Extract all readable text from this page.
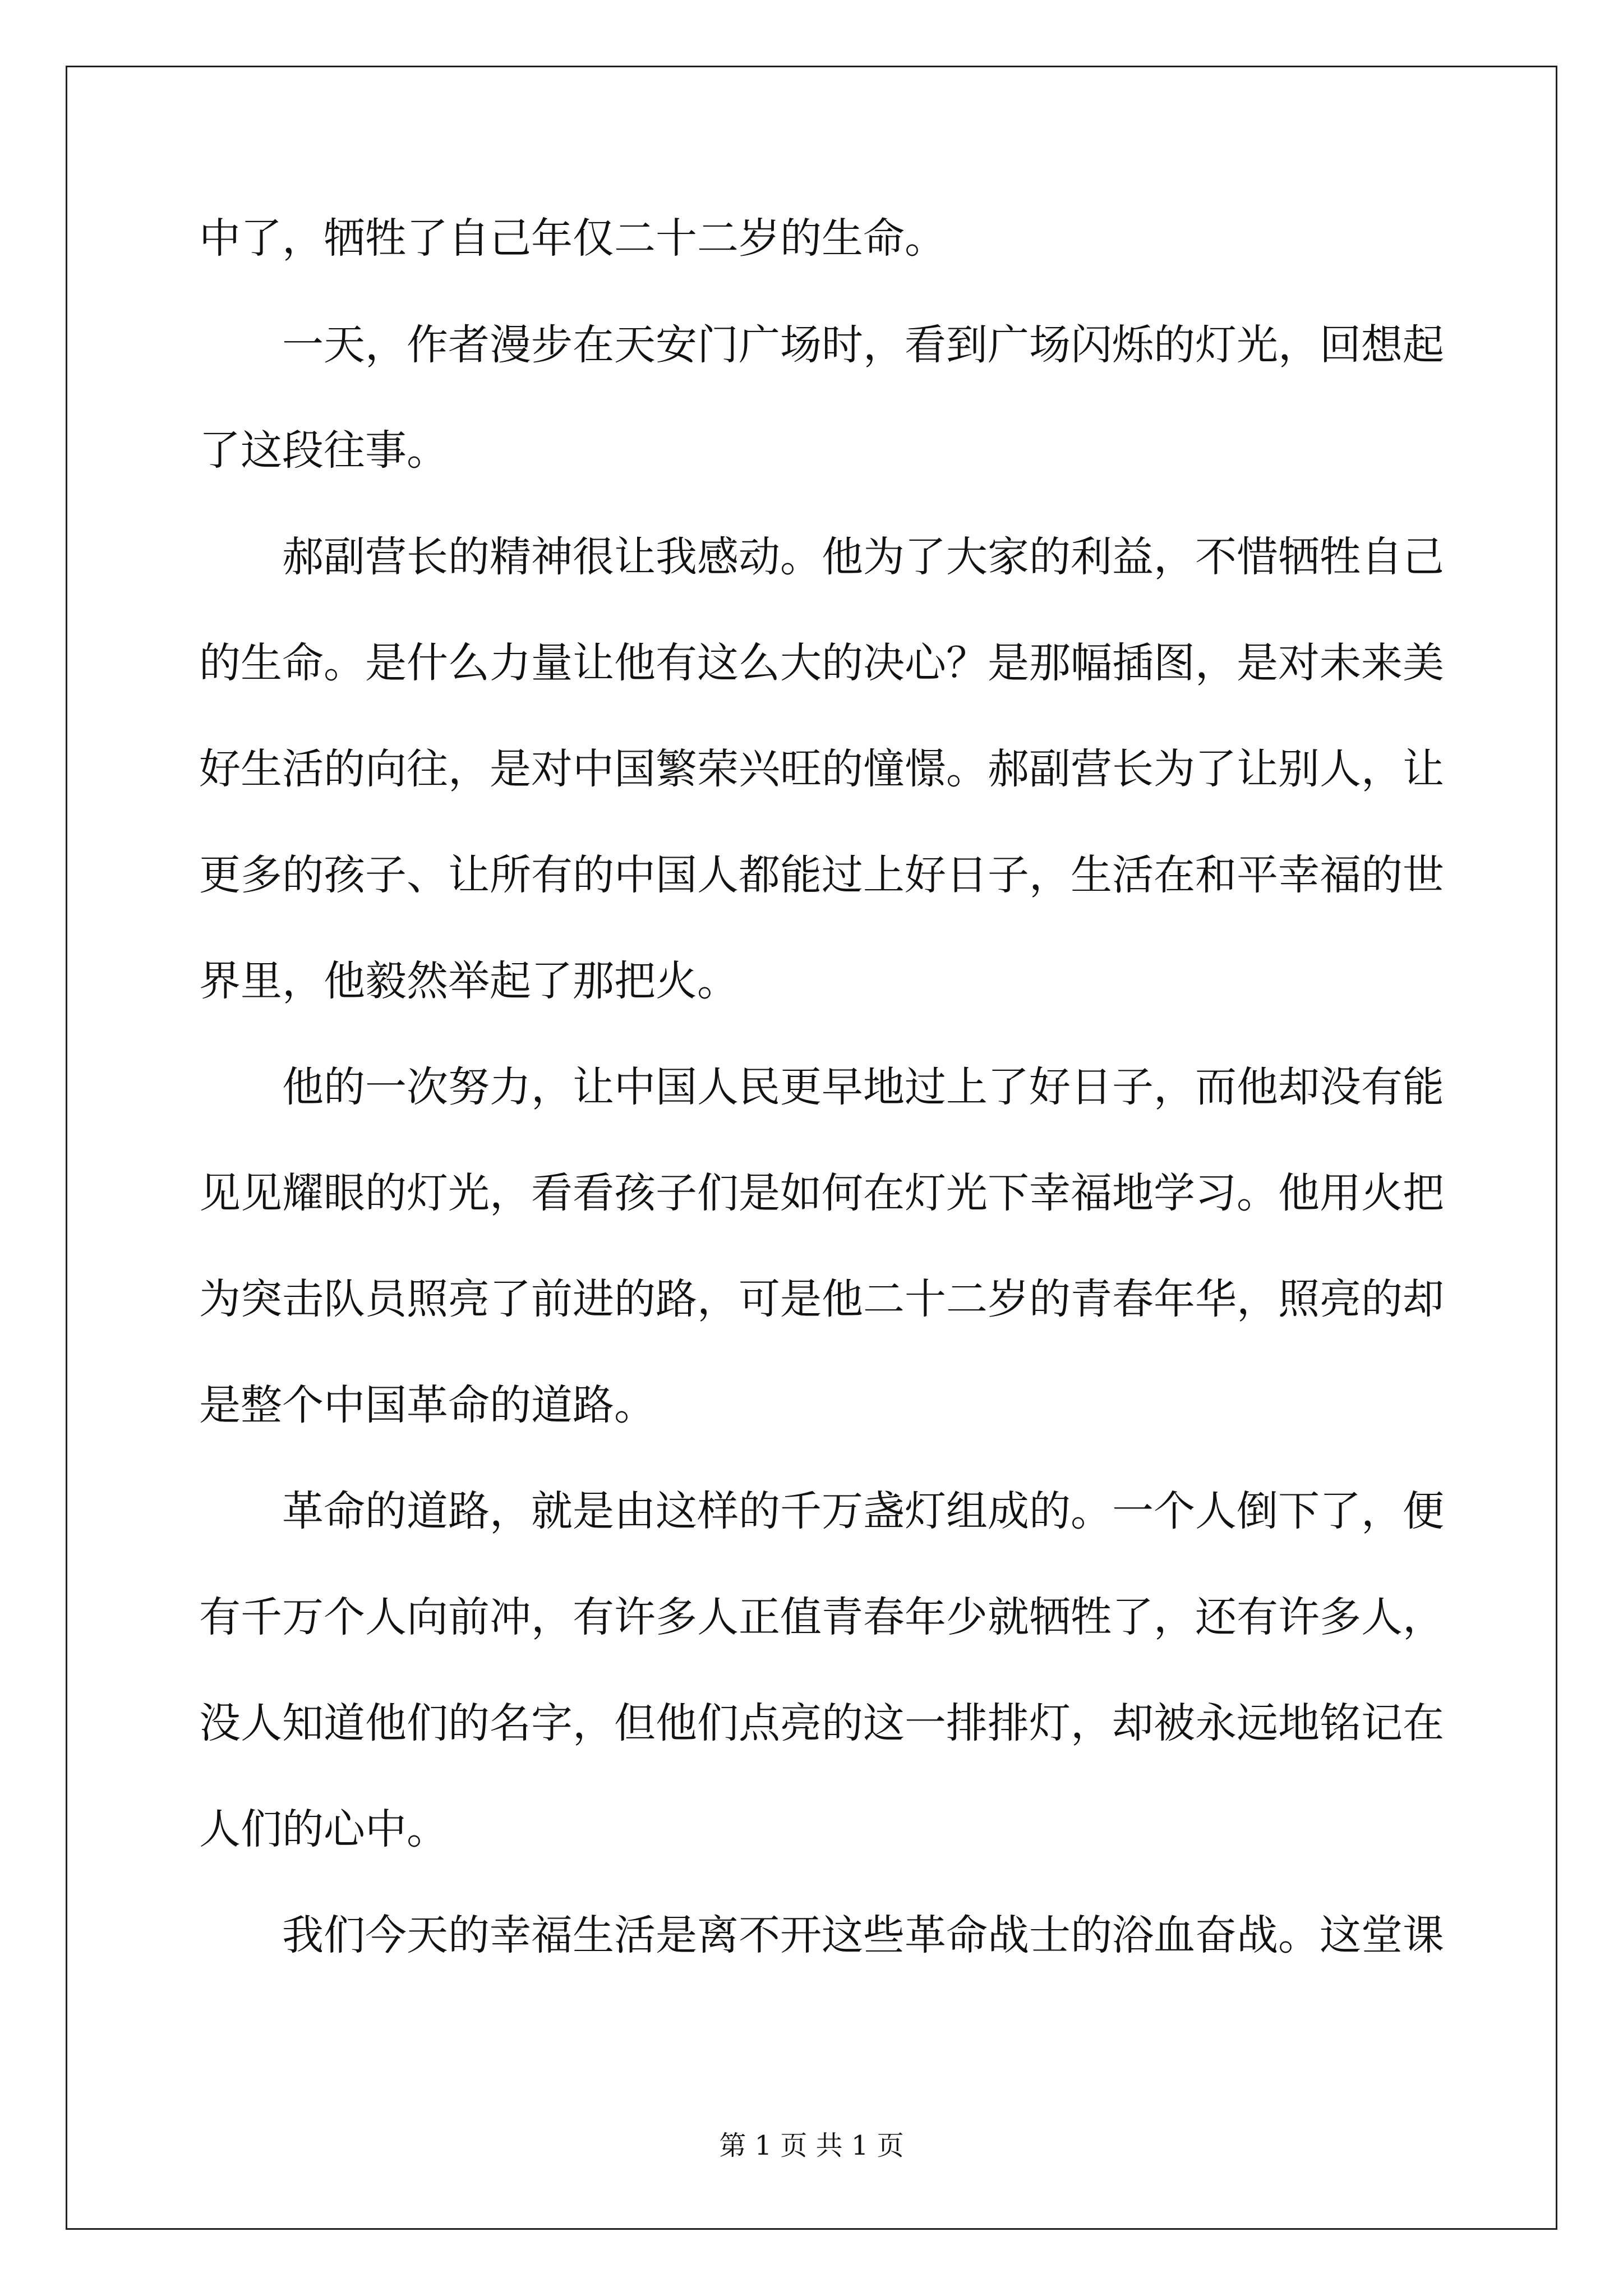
中了，牺牲了自己年仅二十二岁的生命。
一天，作者漫步在天安门广场时，看到广场闪烁的灯光，回想起
了这段往事。
郝副营长的精神很让我感动。他为了大家的利益，不惜牺牲自己
的生命。是什么力量让他有这么大的决心？是那幅插图，是对未来美
好生活的向往，是对中国繁荣兴旺的憧憬。郝副营长为了让别人，让
更多的孩子、让所有的中国人都能过上好日子，生活在和平幸福的世
界里，他毅然举起了那把火。
他的一次努力，让中国人民更早地过上了好日子，而他却没有能
见见耀眼的灯光，看看孩子们是如何在灯光下幸福地学习。他用火把
为突击队员照亮了前进的路，可是他二十二岁的青春年华，照亮的却
是整个中国革命的道路。
革命的道路，就是由这样的千万盏灯组成的。一个人倒下了，便
有千万个人向前冲，有许多人正值青春年少就牺牲了，还有许多人，
没人知道他们的名字，但他们点亮的这一排排灯，却被永远地铭记在
人们的心中。
我们今天的幸福生活是离不开这些革命战士的浴血奋战。这堂课
第 1 页 共 1 页
